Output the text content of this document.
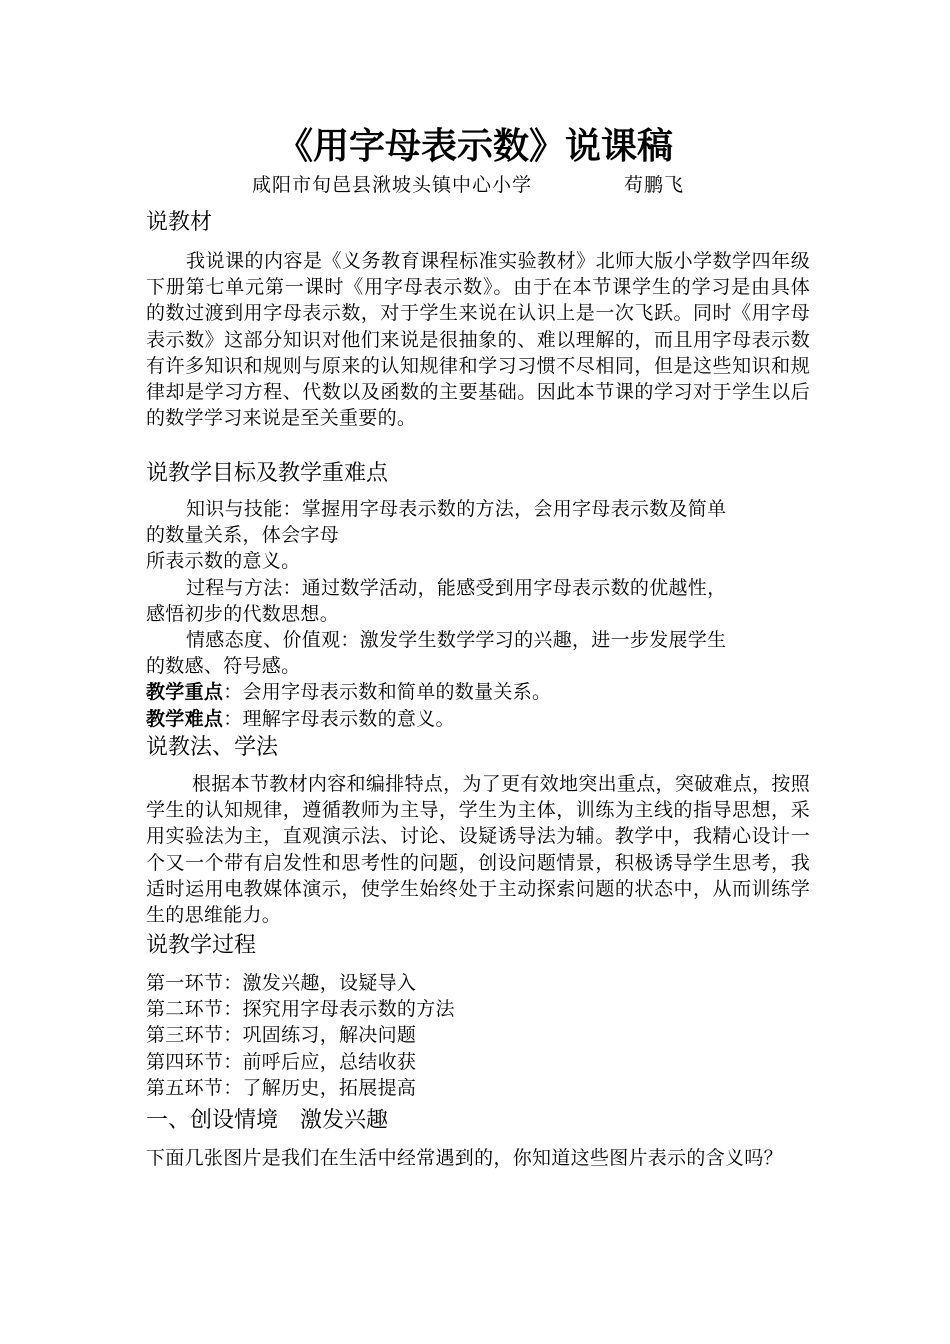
《用字母表示数》说课稿
咸阳市旬邑县湫坡头镇中心小学	苟鹏飞
说教材
我说课的内容是《义务教育课程标准实验教材》北师大版小学数学四年级下册第七单元第一课时《用字母表示数》。由于在本节课学生的学习是由具体的数过渡到用字母表示数，对于学生来说在认识上是一次飞跃。同时《用字母表示数》这部分知识对他们来说是很抽象的、难以理解的，而且用字母表示数有许多知识和规则与原来的认知规律和学习习惯不尽相同，但是这些知识和规律却是学习方程、代数以及函数的主要基础。因此本节课的学习对于学生以后的数学学习来说是至关重要的。
说教学目标及教学重难点
知识与技能：掌握用字母表示数的方法，会用字母表示数及简单
的数量关系，体会字母
所表示数的意义。
过程与方法：通过数学活动，能感受到用字母表示数的优越性，
感悟初步的代数思想。
情感态度、价值观：激发学生数学学习的兴趣，进一步发展学生
的数感、符号感。
教学重点：会用字母表示数和简单的数量关系。
教学难点：理解字母表示数的意义。
说教法、学法
根据本节教材内容和编排特点，为了更有效地突出重点，突破难点，按照学生的认知规律，遵循教师为主导，学生为主体，训练为主线的指导思想，采用实验法为主，直观演示法、讨论、设疑诱导法为辅。教学中，我精心设计一个又一个带有启发性和思考性的问题，创设问题情景，积极诱导学生思考，我适时运用电教媒体演示，使学生始终处于主动探索问题的状态中，从而训练学生的思维能力。
说教学过程
第一环节：激发兴趣，设疑导入
第二环节：探究用字母表示数的方法
第三环节：巩固练习，解决问题
第四环节：前呼后应，总结收获
第五环节：了解历史，拓展提高
一、创设情境　激发兴趣
下面几张图片是我们在生活中经常遇到的，你知道这些图片表示的含义吗？
